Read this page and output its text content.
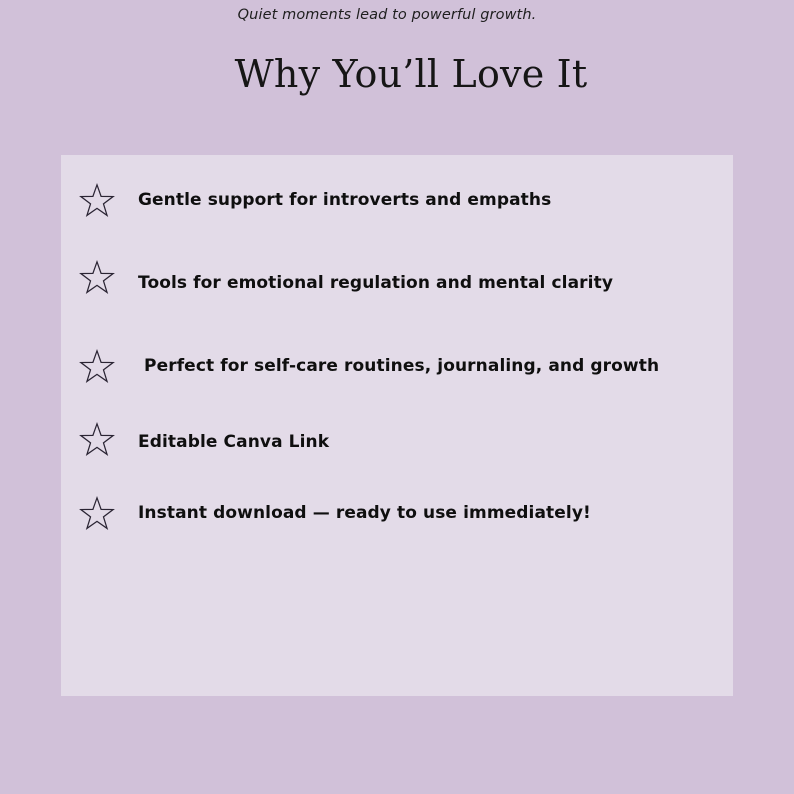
Quiet moments lead to powerful growth.
Why You’ll Love It
Gentle support for introverts and empaths
Tools for emotional regulation and mental clarity
Perfect for self-care routines, journaling, and growth
Editable Canva Link
Instant download — ready to use immediately!
